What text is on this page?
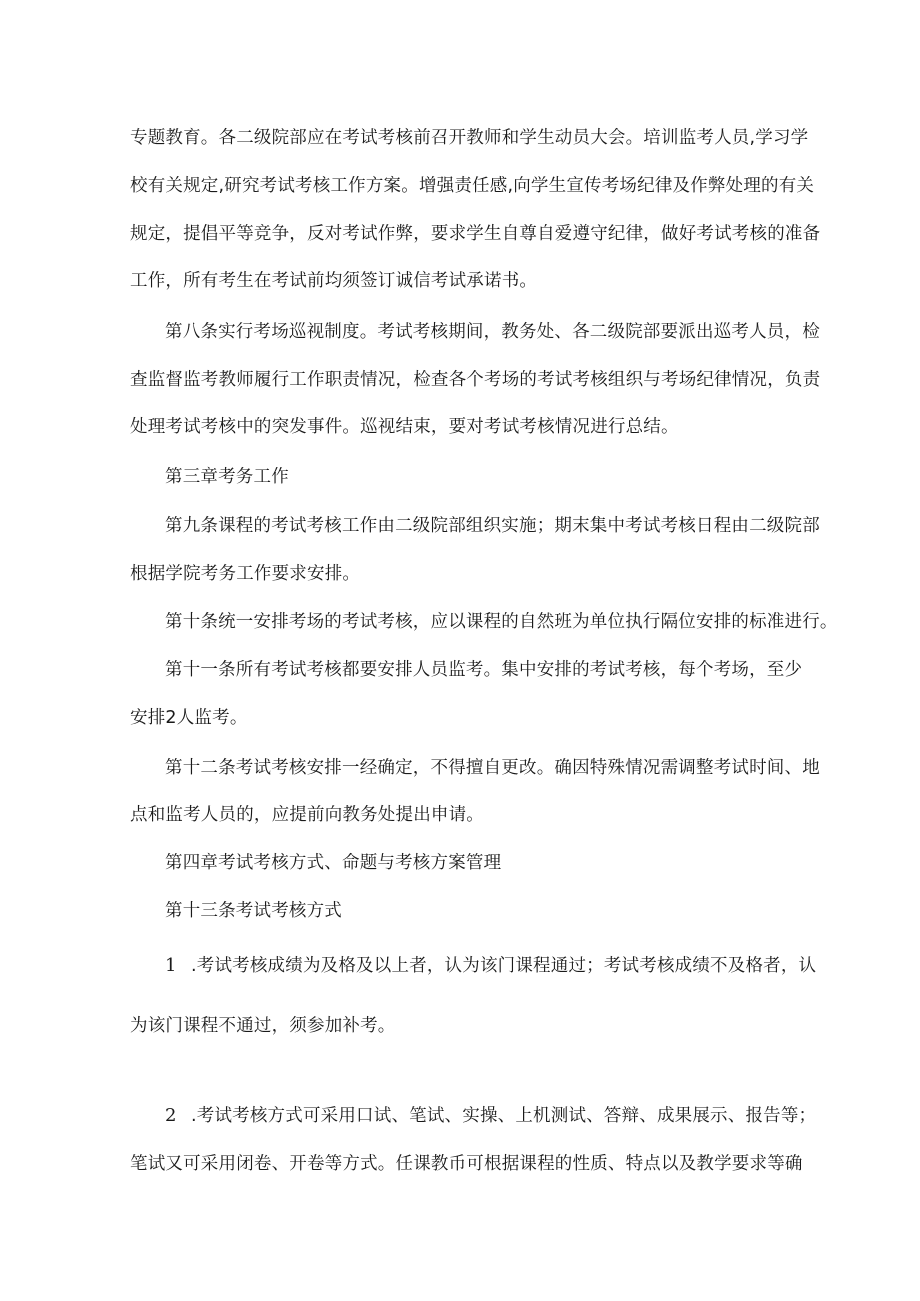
专题教育。各二级院部应在考试考核前召开教师和学生动员大会。培训监考人员,学习学
校有关规定,研究考试考核工作方案。增强责任感,向学生宣传考场纪律及作弊处理的有关
规定，提倡平等竞争，反对考试作弊，要求学生自尊自爱遵守纪律，做好考试考核的准备
工作，所有考生在考试前均须签订诚信考试承诺书。
第八条实行考场巡视制度。考试考核期间，教务处、各二级院部要派出巡考人员，检
查监督监考教师履行工作职责情况，检查各个考场的考试考核组织与考场纪律情况，负责
处理考试考核中的突发事件。巡视结束，要对考试考核情况进行总结。
第三章考务工作
第九条课程的考试考核工作由二级院部组织实施；期末集中考试考核日程由二级院部
根据学院考务工作要求安排。
第十条统一安排考场的考试考核，应以课程的自然班为单位执行隔位安排的标准进行。
第十一条所有考试考核都要安排人员监考。集中安排的考试考核，每个考场，至少
安排2人监考。
第十二条考试考核安排一经确定，不得擅自更改。确因特殊情况需调整考试时间、地
点和监考人员的，应提前向教务处提出申请。
第四章考试考核方式、命题与考核方案管理
第十三条考试考核方式
1 .考试考核成绩为及格及以上者，认为该门课程通过；考试考核成绩不及格者，认
为该门课程不通过，须参加补考。
2 .考试考核方式可采用口试、笔试、实操、上机测试、答辩、成果展示、报告等；
笔试又可采用闭卷、开卷等方式。任课教币可根据课程的性质、特点以及教学要求等确
